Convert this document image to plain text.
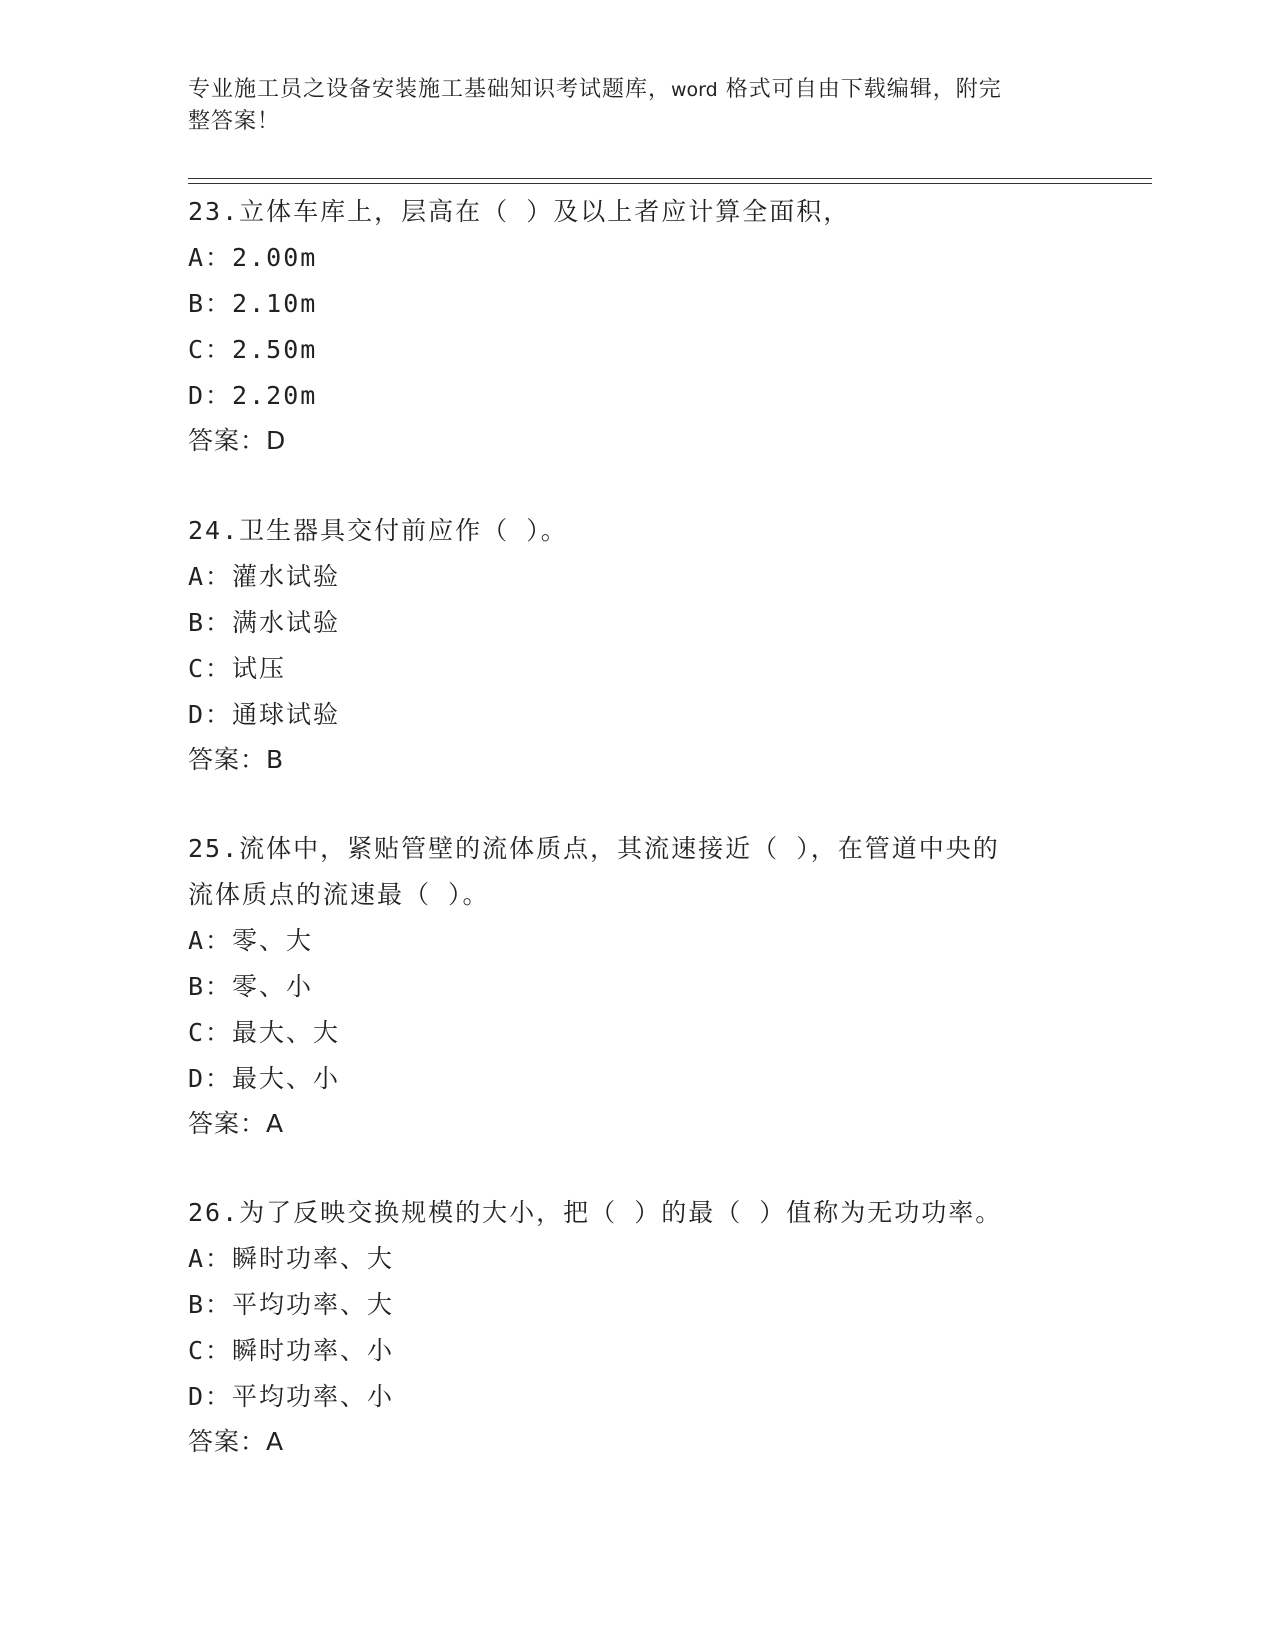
专业施工员之设备安装施工基础知识考试题库，word 格式可自由下载编辑，附完
整答案！

23.立体车库上，层高在（ ）及以上者应计算全面积，

A：2.00m

B：2.10m

C：2.50m

D：2.20m

答案：D

24.卫生器具交付前应作（ ）。

A：灌水试验

B：满水试验

C：试压

D：通球试验

答案：B

25.流体中，紧贴管壁的流体质点，其流速接近（ ），在管道中央的

流体质点的流速最（ ）。

A：零、大

B：零、小

C：最大、大

D：最大、小

答案：A

26.为了反映交换规模的大小，把（ ）的最（ ）值称为无功功率。

A：瞬时功率、大

B：平均功率、大

C：瞬时功率、小

D：平均功率、小

答案：A
